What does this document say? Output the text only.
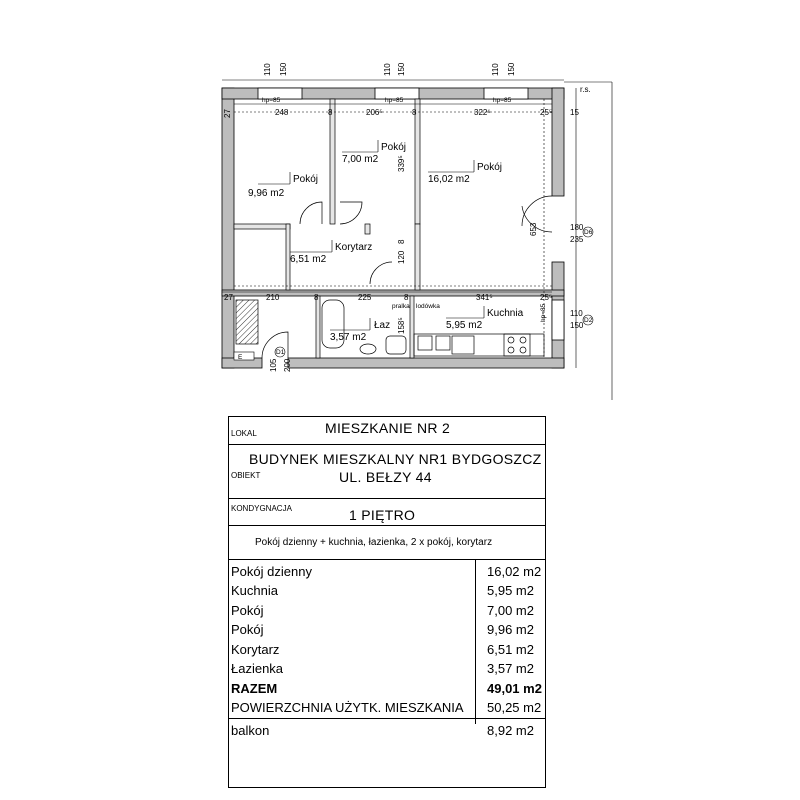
E
D6
D2
D1
r.s.
110 150	110 150	110 150
hp=85	hp=85	hp=85
hp=85
248	8	206⁵	8	322⁶	25⁵ 15
27	210	8	225	8	341⁵	25⁵
pralka lodówka
339⁵
653
120
158⁵
105 200
180
235
110
150
8
27
Pokój
9,96 m2
Pokój
7,00 m2
Pokój
16,02 m2
Korytarz
6,51 m2
Łaz
3,57 m2
Kuchnia
5,95 m2
LOKAL	MIESZKANIE NR 2
BUDYNEK MIESZKALNY NR1 BYDGOSZCZ
OBIEKT	UL. BEŁZY 44
KONDYGNACJA	1 PIĘTRO
Pokój dzienny + kuchnia, łazienka, 2 x pokój, korytarz
Pokój dzienny	16,02 m2
Kuchnia	5,95 m2
Pokój	7,00 m2
Pokój	9,96 m2
Korytarz	6,51 m2
Łazienka	3,57 m2
RAZEM	49,01 m2
POWIERZCHNIA UŻYTK. MIESZKANIA 50,25 m2
balkon	8,92 m2
